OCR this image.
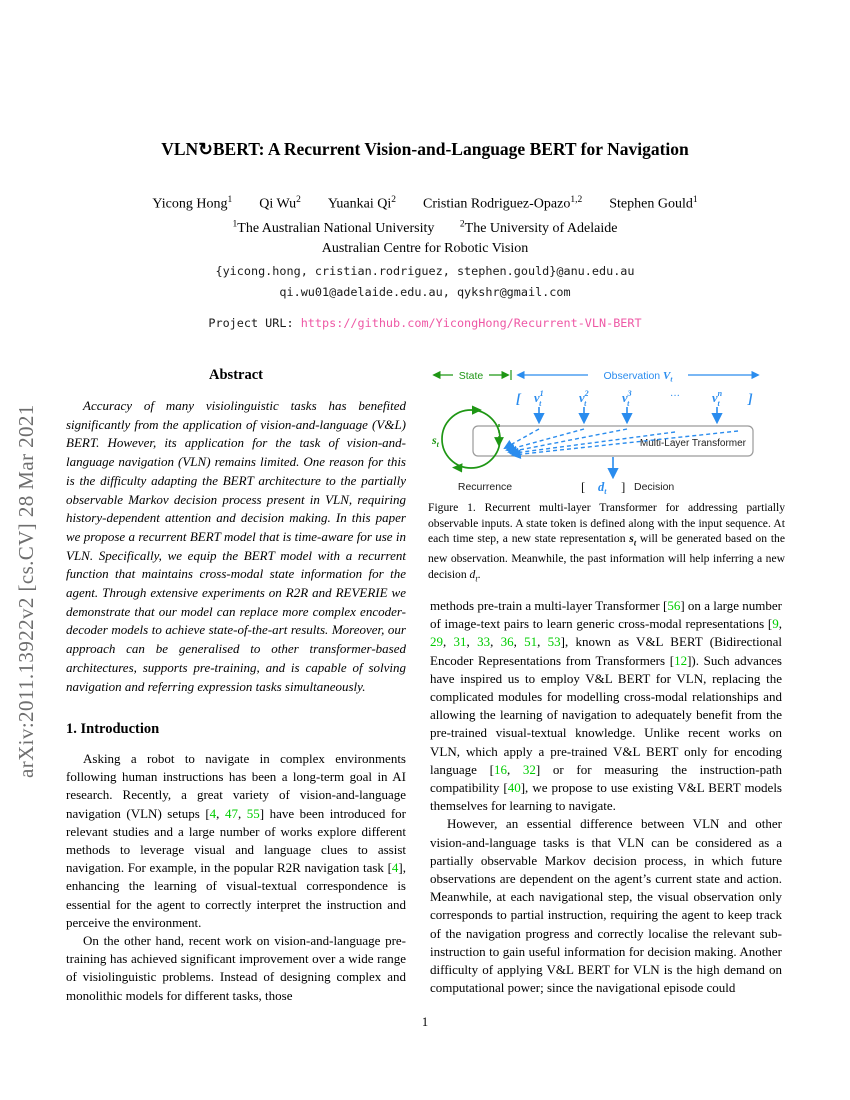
arXiv:2011.13922v2 [cs.CV] 28 Mar 2021
VLN↻BERT: A Recurrent Vision-and-Language BERT for Navigation
Yicong Hong$^1$ Qi Wu$^2$ Yuankai Qi$^2$ Cristian Rodriguez-Opazo$^{1,2}$ Stephen Gould$^1$
$^1$The Australian National University	$^2$The University of Adelaide
Australian Centre for Robotic Vision
{yicong.hong, cristian.rodriguez, stephen.gould}@anu.edu.au
qi.wu01@adelaide.edu.au, qykshr@gmail.com
Project URL: https://github.com/YicongHong/Recurrent-VLN-BERT
Abstract

Accuracy of many visiolinguistic tasks has benefited significantly from the application of vision-and-language (V&L) BERT. However, its application for the task of vision-and-language navigation (VLN) remains limited. One reason for this is the difficulty adapting the BERT architecture to the partially observable Markov decision process present in VLN, requiring history-dependent attention and decision making. In this paper we propose a recurrent BERT model that is time-aware for use in VLN. Specifically, we equip the BERT model with a recurrent function that maintains cross-modal state information for the agent. Through extensive experiments on R2R and REVERIE we demonstrate that our model can replace more complex encoder-decoder models to achieve state-of-the-art results. Moreover, our approach can be generalised to other transformer-based architectures, supports pre-training, and is capable of solving navigation and referring expression tasks simultaneously.

1. Introduction

Asking a robot to navigate in complex environments following human instructions has been a long-term goal in AI research. Recently, a great variety of vision-and-language navigation (VLN) setups [4, 47, 55] have been introduced for relevant studies and a large number of works explore different methods to leverage visual and language clues to assist navigation. For example, in the popular R2R navigation task [4], enhancing the learning of visual-textual correspondence is essential for the agent to correctly interpret the instruction and perceive the environment.

On the other hand, recent work on vision-and-language pre-training has achieved significant improvement over a wide range of visiolinguistic problems. Instead of designing complex and monolithic models for different tasks, those

State	Observation $V_t$
[ $v^1$ t	$v^2$ t	$v^3$ t
···	$v^n$ t ]
Multi-Layer Transformer
$s_t$
[ $d_t$ ] Decision
Recurrence
Figure 1. Recurrent multi-layer Transformer for addressing partially observable inputs. A state token is defined along with the input sequence. At each time step, a new state representation $s_t$ will be generated based on the new observation. Meanwhile, the past information will help inferring a new decision $d_t$.

methods pre-train a multi-layer Transformer [56] on a large number of image-text pairs to learn generic cross-modal representations [9, 29, 31, 33, 36, 51, 53], known as V&L BERT (Bidirectional Encoder Representations from Transformers [12]). Such advances have inspired us to employ V&L BERT for VLN, replacing the complicated modules for modelling cross-modal relationships and allowing the learning of navigation to adequately benefit from the pre-trained visual-textual knowledge. Unlike recent works on VLN, which apply a pre-trained V&L BERT only for encoding language [16, 32] or for measuring the instruction-path compatibility [40], we propose to use existing V&L BERT models themselves for learning to navigate.

However, an essential difference between VLN and other vision-and-language tasks is that VLN can be considered as a partially observable Markov decision process, in which future observations are dependent on the agent’s current state and action. Meanwhile, at each navigational step, the visual observation only corresponds to partial instruction, requiring the agent to keep track of the navigation progress and correctly localise the relevant sub-instruction to gain useful information for decision making. Another difficulty of applying V&L BERT for VLN is the high demand on computational power; since the navigational episode could

1
